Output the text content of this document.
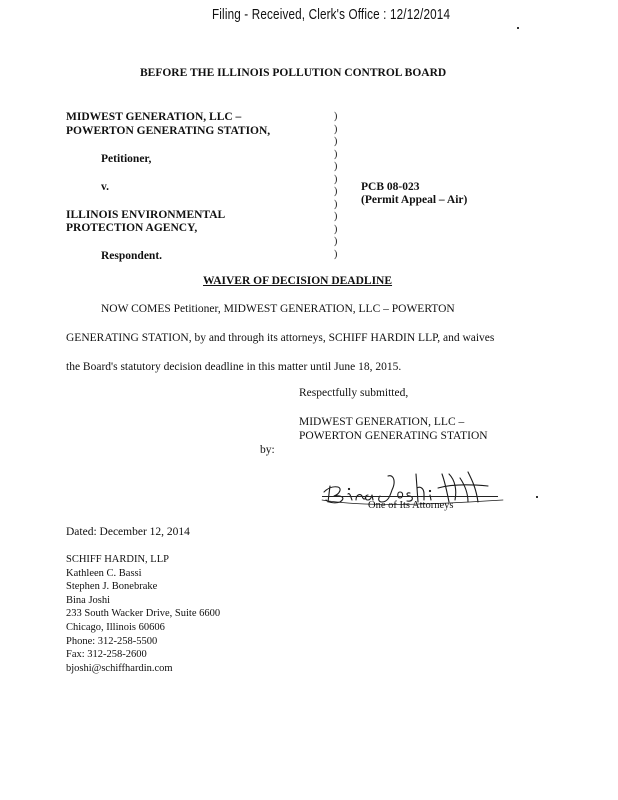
Filing - Received, Clerk's Office : 12/12/2014
BEFORE THE ILLINOIS POLLUTION CONTROL BOARD
MIDWEST GENERATION, LLC –
POWERTON GENERATING STATION,
Petitioner,
v.
ILLINOIS ENVIRONMENTAL
PROTECTION AGENCY,
Respondent.
)
)
)
)
)
)
)
)
)
)
)
)
PCB 08-023
(Permit Appeal – Air)
WAIVER OF DECISION DEADLINE
NOW COMES Petitioner, MIDWEST GENERATION, LLC – POWERTON
GENERATING STATION, by and through its attorneys, SCHIFF HARDIN LLP, and waives
the Board's statutory decision deadline in this matter until June 18, 2015.
Respectfully submitted,
MIDWEST GENERATION, LLC –
POWERTON GENERATING STATION
by:
One of Its Attorneys
Dated: December 12, 2014
SCHIFF HARDIN, LLP
Kathleen C. Bassi
Stephen J. Bonebrake
Bina Joshi
233 South Wacker Drive, Suite 6600
Chicago, Illinois 60606
Phone: 312-258-5500
Fax: 312-258-2600
bjoshi@schiffhardin.com
